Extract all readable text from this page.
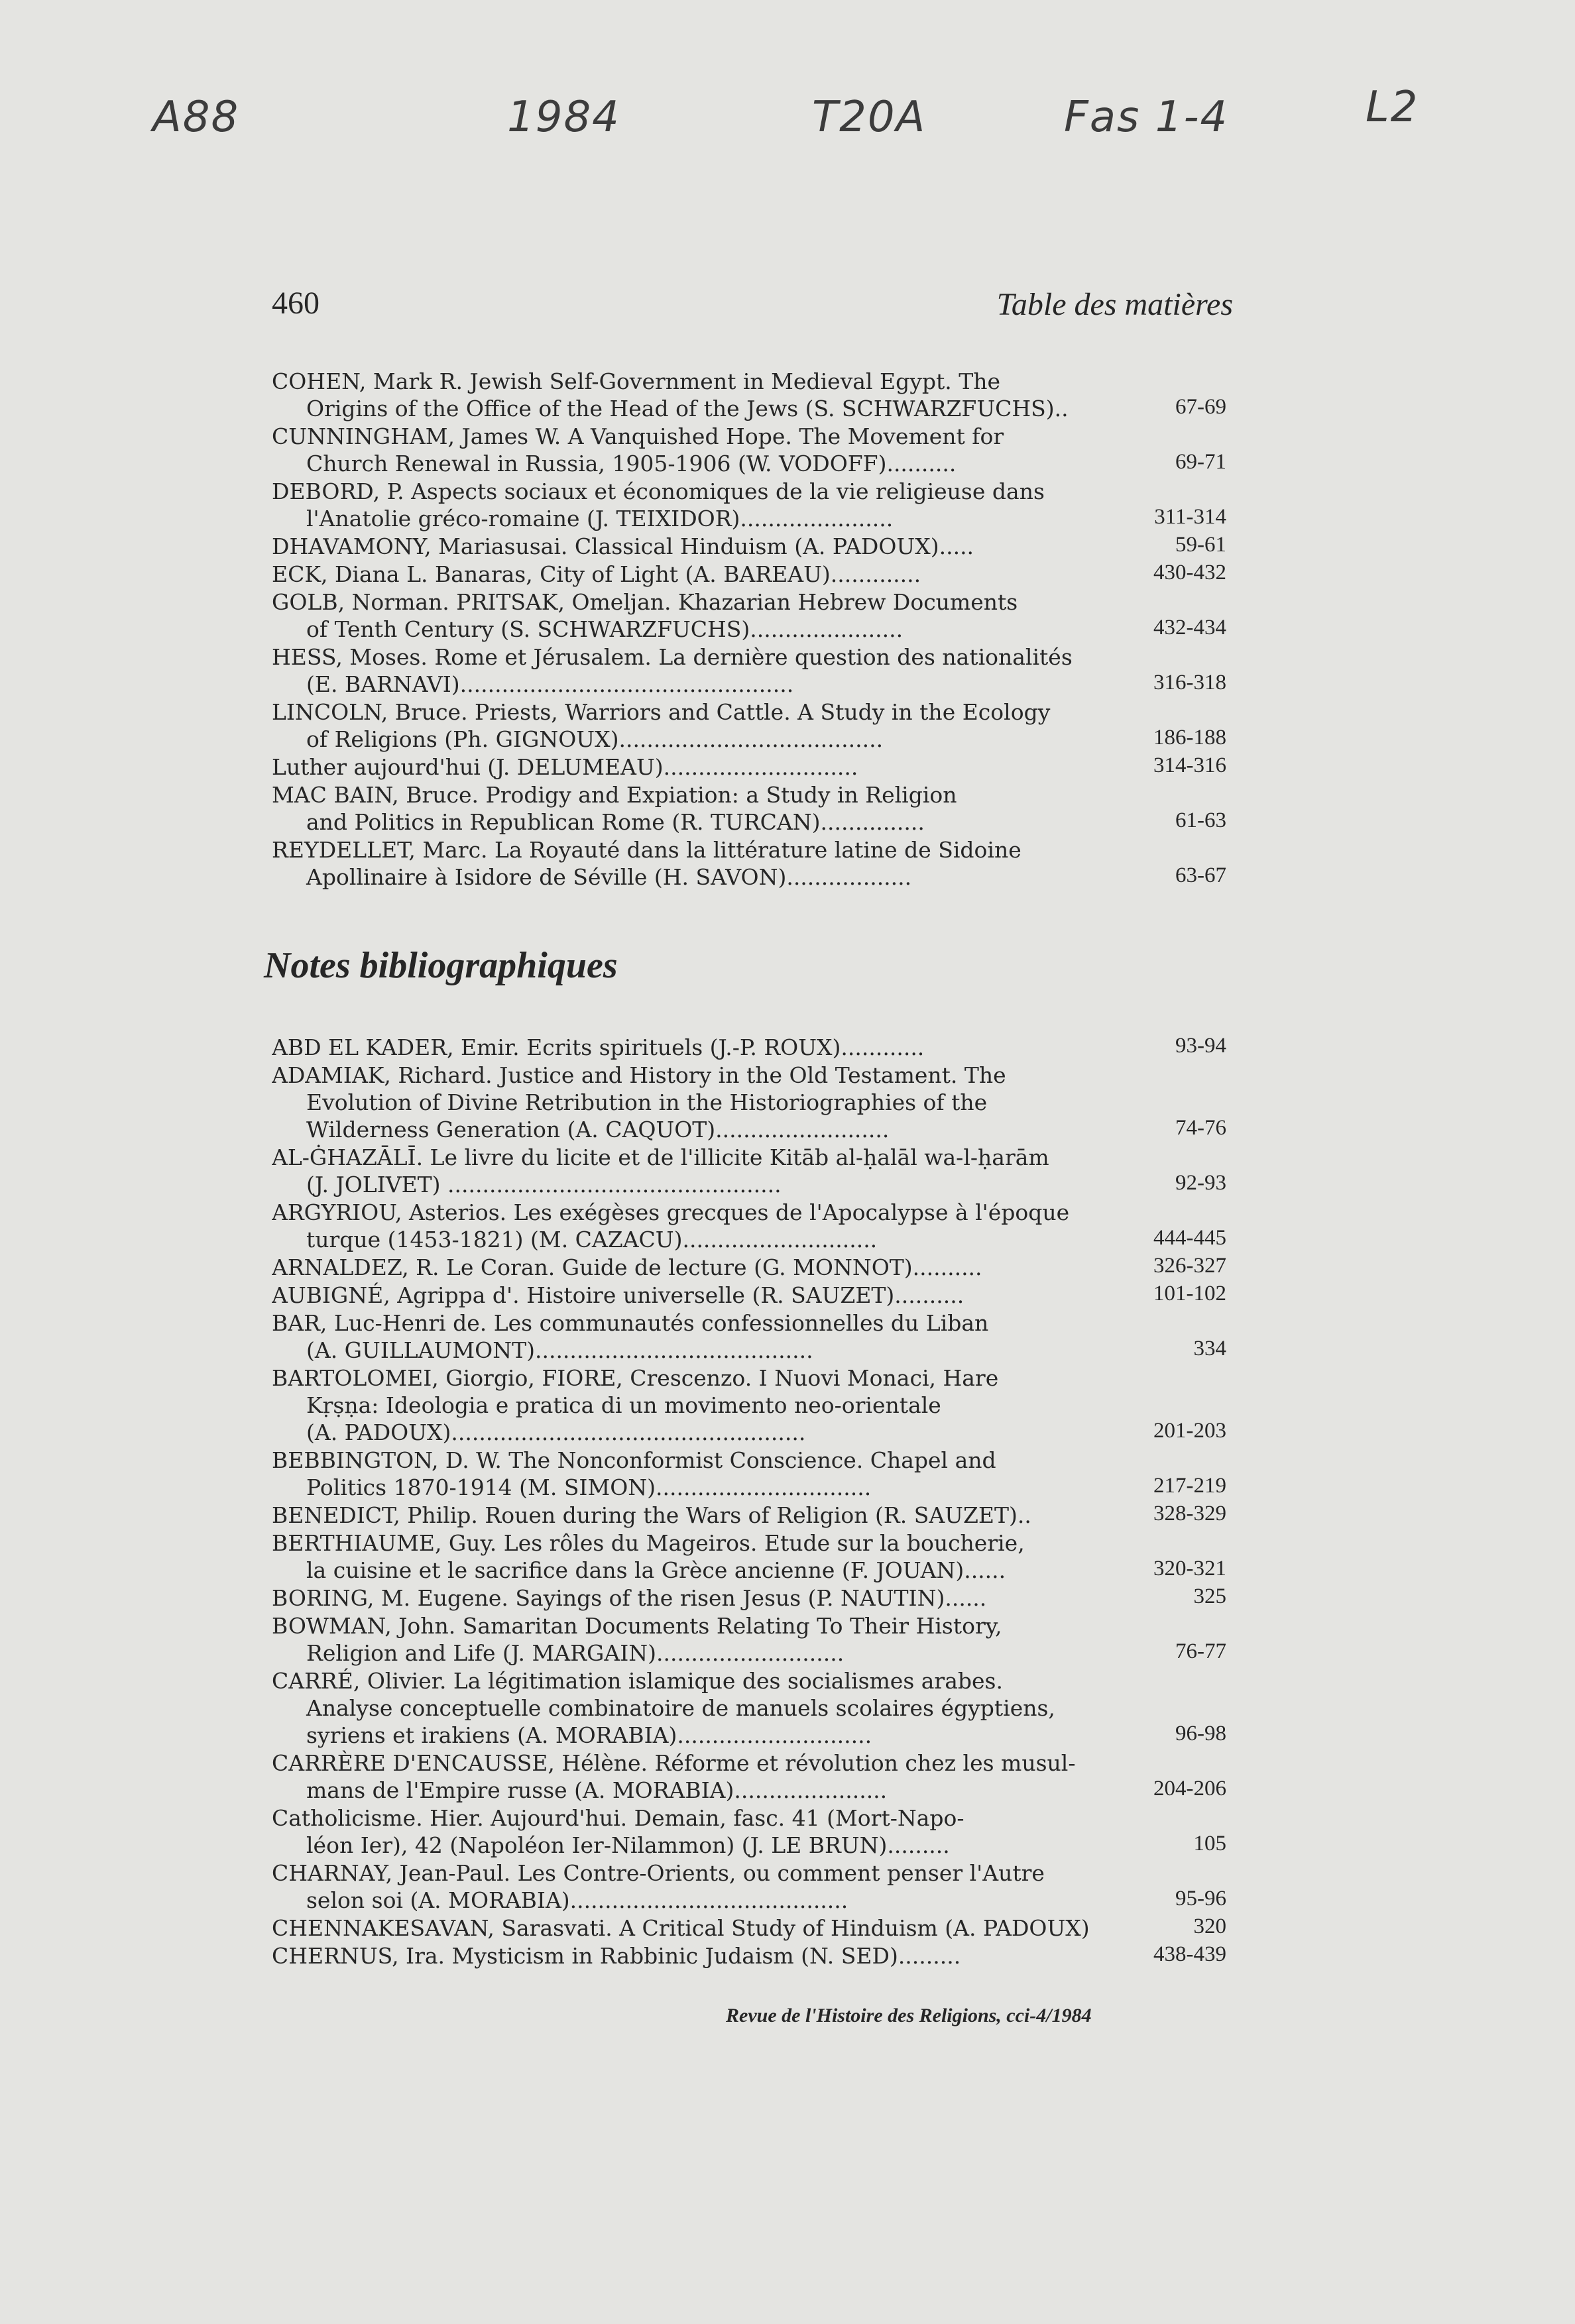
A88	1984	T20A	Fas 1-4	L2
460	Table des matières
COHEN, Mark R. Jewish Self-Government in Medieval Egypt. The
Origins of the Office of the Head of the Jews (S. SCHWARZFUCHS)..	67-69
CUNNINGHAM, James W. A Vanquished Hope. The Movement for
Church Renewal in Russia, 1905-1906 (W. VODOFF)..........	69-71
DEBORD, P. Aspects sociaux et économiques de la vie religieuse dans
l'Anatolie gréco-romaine (J. TEIXIDOR)......................	311-314
DHAVAMONY, Mariasusai. Classical Hinduism (A. PADOUX).....	59-61
ECK, Diana L. Banaras, City of Light (A. BAREAU).............	430-432
GOLB, Norman. PRITSAK, Omeljan. Khazarian Hebrew Documents
of Tenth Century (S. SCHWARZFUCHS)......................	432-434
HESS, Moses. Rome et Jérusalem. La dernière question des nationalités
(E. BARNAVI)................................................	316-318
LINCOLN, Bruce. Priests, Warriors and Cattle. A Study in the Ecology
of Religions (Ph. GIGNOUX)......................................	186-188
Luther aujourd'hui (J. DELUMEAU)............................	314-316
MAC BAIN, Bruce. Prodigy and Expiation: a Study in Religion
and Politics in Republican Rome (R. TURCAN)...............	61-63
REYDELLET, Marc. La Royauté dans la littérature latine de Sidoine
Apollinaire à Isidore de Séville (H. SAVON)..................	63-67
Notes bibliographiques
ABD EL KADER, Emir. Ecrits spirituels (J.-P. ROUX)............	93-94
ADAMIAK, Richard. Justice and History in the Old Testament. The
Evolution of Divine Retribution in the Historiographies of the
Wilderness Generation (A. CAQUOT).........................	74-76
AL-ĠHAZĀLĪ. Le livre du licite et de l'illicite Kitāb al-ḥalāl wa-l-ḥarām
(J. JOLIVET) ................................................	92-93
ARGYRIOU, Asterios. Les exégèses grecques de l'Apocalypse à l'époque
turque (1453-1821) (M. CAZACU)............................	444-445
ARNALDEZ, R. Le Coran. Guide de lecture (G. MONNOT)..........	326-327
AUBIGNÉ, Agrippa d'. Histoire universelle (R. SAUZET)..........	101-102
BAR, Luc-Henri de. Les communautés confessionnelles du Liban
(A. GUILLAUMONT)........................................	334
BARTOLOMEI, Giorgio, FIORE, Crescenzo. I Nuovi Monaci, Hare
Kṛṣṇa: Ideologia e pratica di un movimento neo-orientale
(A. PADOUX)...................................................	201-203
BEBBINGTON, D. W. The Nonconformist Conscience. Chapel and
Politics 1870-1914 (M. SIMON)...............................	217-219
BENEDICT, Philip. Rouen during the Wars of Religion (R. SAUZET)..	328-329
BERTHIAUME, Guy. Les rôles du Mageiros. Etude sur la boucherie,
la cuisine et le sacrifice dans la Grèce ancienne (F. JOUAN)......	320-321
BORING, M. Eugene. Sayings of the risen Jesus (P. NAUTIN)......	325
BOWMAN, John. Samaritan Documents Relating To Their History,
Religion and Life (J. MARGAIN)...........................	76-77
CARRÉ, Olivier. La légitimation islamique des socialismes arabes.
Analyse conceptuelle combinatoire de manuels scolaires égyptiens,
syriens et irakiens (A. MORABIA)............................	96-98
CARRÈRE D'ENCAUSSE, Hélène. Réforme et révolution chez les musul-
mans de l'Empire russe (A. MORABIA)......................	204-206
Catholicisme. Hier. Aujourd'hui. Demain, fasc. 41 (Mort-Napo-
léon Ier), 42 (Napoléon Ier-Nilammon) (J. LE BRUN).........	105
CHARNAY, Jean-Paul. Les Contre-Orients, ou comment penser l'Autre
selon soi (A. MORABIA)........................................	95-96
CHENNAKESAVAN, Sarasvati. A Critical Study of Hinduism (A. PADOUX)	320
CHERNUS, Ira. Mysticism in Rabbinic Judaism (N. SED).........	438-439
Revue de l'Histoire des Religions, cci-4/1984
